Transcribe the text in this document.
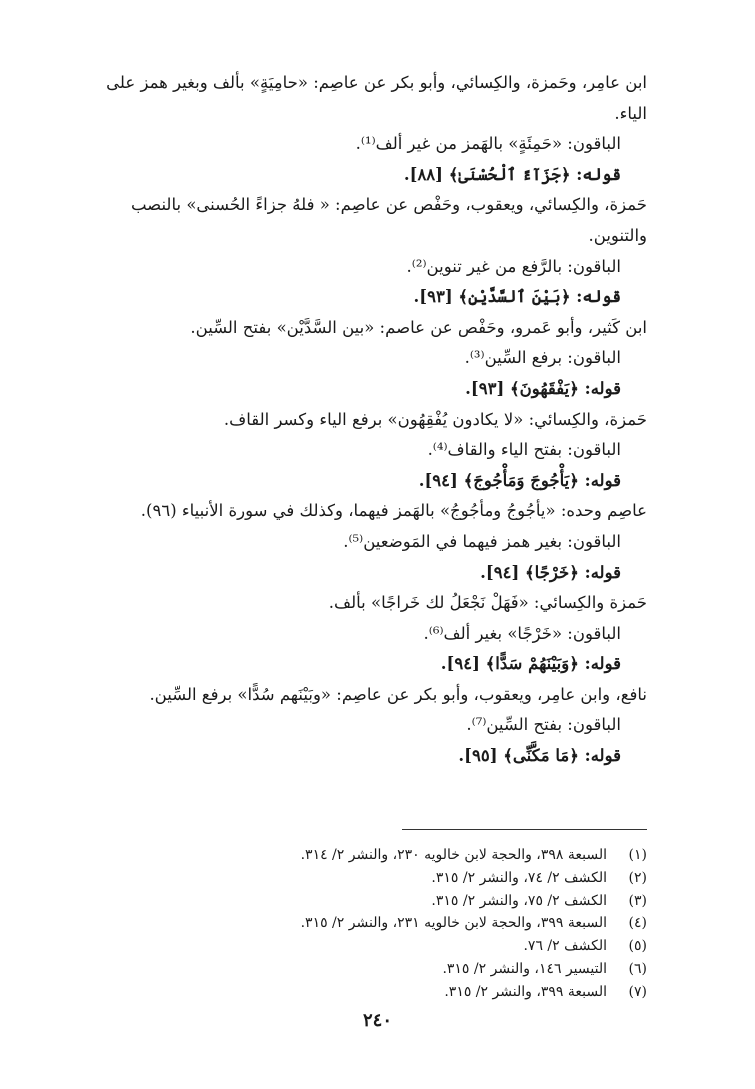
ابن عامِر، وحَمزة، والكِسائي، وأبو بكر عن عاصِم: «حامِيَةٍ» بألف وبغير همز على

الياء.

الباقون: «حَمِئَةٍ» بالهَمز من غير ألف⁽¹⁾.

قوله: ﴿جَزَآءً ٱلْحُسْنَىٰ﴾ [٨٨].

حَمزة، والكِسائي، ويعقوب، وحَفْص عن عاصِم: « فلهُ جزاءً الحُسنى» بالنصب

والتنوين.

الباقون: بالرَّفع من غير تنوين⁽²⁾.

قوله: ﴿بَيْنَ ٱلسَّدَّيْنِ﴾ [٩٣].

ابن كَثير، وأبو عَمرو، وحَفْص عن عاصم: «بين السَّدَّيْن» بفتح السِّين.

الباقون: برفع السِّين⁽³⁾.

قوله: ﴿يَفْقَهُونَ﴾ [٩٣].

حَمزة، والكِسائي: «لا يكادون يُفْقِهُون» برفع الياء وكسر القاف.

الباقون: بفتح الياء والقاف⁽⁴⁾.

قوله: ﴿يَأْجُوجَ وَمَأْجُوجَ﴾ [٩٤].

عاصِم وحده: «يأجُوجُ ومأجُوجُ» بالهَمز فيهما، وكذلك في سورة الأنبياء (٩٦).

الباقون: بغير همز فيهما في المَوضعين⁽⁵⁾.

قوله: ﴿خَرْجًا﴾ [٩٤].

حَمزة والكِسائي: «فَهَلْ نَجْعَلُ لك خَراجًا» بألف.

الباقون: «خَرْجًا» بغير ألف⁽⁶⁾.

قوله: ﴿وَبَيْنَهُمْ سَدًّا﴾ [٩٤].

نافع، وابن عامِر، ويعقوب، وأبو بكر عن عاصِم: «وبَيْنَهم سُدًّا» برفع السِّين.

الباقون: بفتح السِّين⁽⁷⁾.

قوله: ﴿مَا مَكَّنِّى﴾ [٩٥].

(١)
السبعة ٣٩٨، والحجة لابن خالويه ٢٣٠، والنشر ٢/ ٣١٤.
(٢)
الكشف ٢/ ٧٤، والنشر ٢/ ٣١٥.
(٣)
الكشف ٢/ ٧٥، والنشر ٢/ ٣١٥.
(٤)
السبعة ٣٩٩، والحجة لابن خالويه ٢٣١، والنشر ٢/ ٣١٥.
(٥)
الكشف ٢/ ٧٦.
(٦)
التيسير ١٤٦، والنشر ٢/ ٣١٥.
(٧)
السبعة ٣٩٩، والنشر ٢/ ٣١٥.
٢٤٠
